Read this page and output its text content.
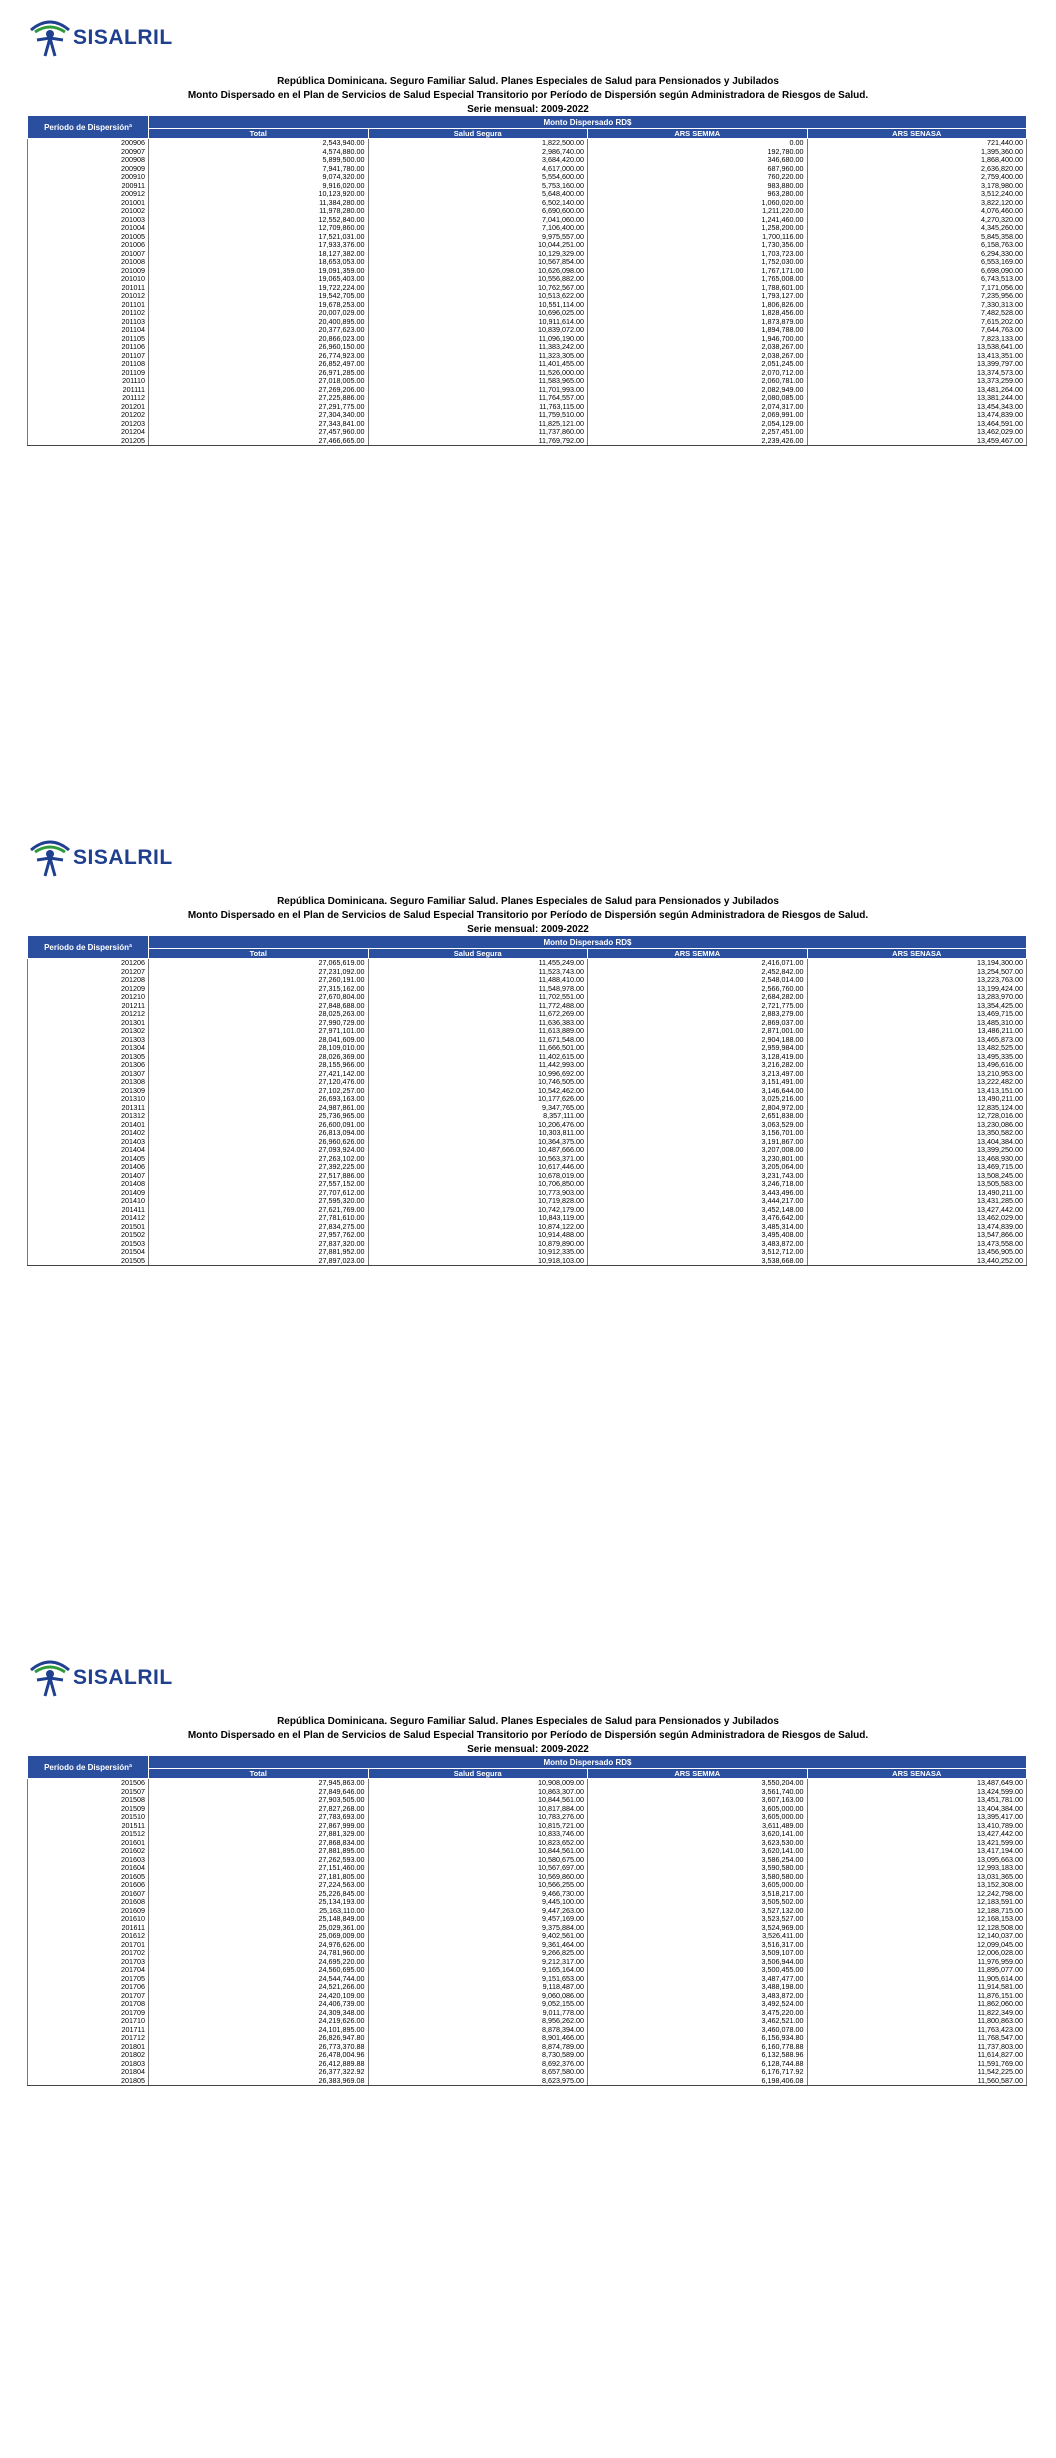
SISALRIL
República Dominicana. Seguro Familiar Salud. Planes Especiales de Salud para Pensionados y Jubilados
Monto Dispersado en el Plan de Servicios de Salud Especial Transitorio por Período de Dispersión según Administradora de Riesgos de Salud.
Serie mensual: 2009-2022
Período de Dispersiónª	Monto Dispersado RD$			
	Total	Salud Segura	ARS SEMMA	ARS SENASA
200906	2,543,940.00	1,822,500.00	0.00	721,440.00
200907	4,574,880.00	2,986,740.00	192,780.00	1,395,360.00
200908	5,899,500.00	3,684,420.00	346,680.00	1,868,400.00
200909	7,941,780.00	4,617,000.00	687,960.00	2,636,820.00
200910	9,074,320.00	5,554,600.00	760,220.00	2,759,400.00
200911	9,916,020.00	5,753,160.00	983,880.00	3,178,980.00
200912	10,123,920.00	5,648,400.00	963,280.00	3,512,240.00
201001	11,384,280.00	6,502,140.00	1,060,020.00	3,822,120.00
201002	11,978,280.00	6,690,600.00	1,211,220.00	4,076,460.00
201003	12,552,840.00	7,041,060.00	1,241,460.00	4,270,320.00
201004	12,709,860.00	7,106,400.00	1,258,200.00	4,345,260.00
201005	17,521,031.00	9,975,557.00	1,700,116.00	5,845,358.00
201006	17,933,376.00	10,044,251.00	1,730,356.00	6,158,763.00
201007	18,127,382.00	10,129,329.00	1,703,723.00	6,294,330.00
201008	18,653,053.00	10,567,854.00	1,752,030.00	6,553,169.00
201009	19,091,359.00	10,626,098.00	1,767,171.00	6,698,090.00
201010	19,065,403.00	10,556,882.00	1,765,008.00	6,743,513.00
201011	19,722,224.00	10,762,567.00	1,788,601.00	7,171,056.00
201012	19,542,705.00	10,513,622.00	1,793,127.00	7,235,956.00
201101	19,678,253.00	10,551,114.00	1,806,826.00	7,330,313.00
201102	20,007,029.00	10,696,025.00	1,828,456.00	7,482,528.00
201103	20,400,895.00	10,911,614.00	1,873,879.00	7,615,202.00
201104	20,377,623.00	10,839,072.00	1,894,788.00	7,644,763.00
201105	20,866,023.00	11,096,190.00	1,946,700.00	7,823,133.00
201106	26,960,150.00	11,383,242.00	2,038,267.00	13,538,641.00
201107	26,774,923.00	11,323,305.00	2,038,267.00	13,413,351.00
201108	26,852,497.00	11,401,455.00	2,051,245.00	13,399,797.00
201109	26,971,285.00	11,526,000.00	2,070,712.00	13,374,573.00
201110	27,018,005.00	11,583,965.00	2,060,781.00	13,373,259.00
201111	27,269,206.00	11,701,993.00	2,082,949.00	13,481,264.00
201112	27,225,886.00	11,764,557.00	2,080,085.00	13,381,244.00
201201	27,291,775.00	11,763,115.00	2,074,317.00	13,454,343.00
201202	27,304,340.00	11,759,510.00	2,069,991.00	13,474,839.00
201203	27,343,841.00	11,825,121.00	2,054,129.00	13,464,591.00
201204	27,457,960.00	11,737,860.00	2,257,451.00	13,462,029.00
201205	27,466,665.00	11,769,792.00	2,239,426.00	13,459,467.00
SISALRIL
República Dominicana. Seguro Familiar Salud. Planes Especiales de Salud para Pensionados y Jubilados
Monto Dispersado en el Plan de Servicios de Salud Especial Transitorio por Período de Dispersión según Administradora de Riesgos de Salud.
Serie mensual: 2009-2022
Período de Dispersiónª	Monto Dispersado RD$			
	Total	Salud Segura	ARS SEMMA	ARS SENASA
201206	27,065,619.00	11,455,249.00	2,416,071.00	13,194,300.00
201207	27,231,092.00	11,523,743.00	2,452,842.00	13,254,507.00
201208	27,260,191.00	11,488,410.00	2,548,014.00	13,223,763.00
201209	27,315,162.00	11,548,978.00	2,566,760.00	13,199,424.00
201210	27,670,804.00	11,702,551.00	2,684,282.00	13,283,970.00
201211	27,848,688.00	11,772,488.00	2,721,775.00	13,354,425.00
201212	28,025,263.00	11,672,269.00	2,883,279.00	13,469,715.00
201301	27,990,729.00	11,636,383.00	2,869,037.00	13,485,310.00
201302	27,971,101.00	11,613,889.00	2,871,001.00	13,486,211.00
201303	28,041,609.00	11,671,548.00	2,904,188.00	13,465,873.00
201304	28,109,010.00	11,666,501.00	2,959,984.00	13,482,525.00
201305	28,026,369.00	11,402,615.00	3,128,419.00	13,495,335.00
201306	28,155,966.00	11,442,993.00	3,216,282.00	13,496,616.00
201307	27,421,142.00	10,996,692.00	3,213,497.00	13,210,953.00
201308	27,120,476.00	10,746,505.00	3,151,491.00	13,222,482.00
201309	27,102,257.00	10,542,462.00	3,146,644.00	13,413,151.00
201310	26,693,163.00	10,177,626.00	3,025,216.00	13,490,211.00
201311	24,987,861.00	9,347,765.00	2,804,972.00	12,835,124.00
201312	25,736,965.00	8,357,111.00	2,651,838.00	12,728,016.00
201401	26,600,091.00	10,206,476.00	3,063,529.00	13,230,086.00
201402	26,813,094.00	10,303,811.00	3,156,701.00	13,350,582.00
201403	26,960,626.00	10,364,375.00	3,191,867.00	13,404,384.00
201404	27,093,924.00	10,487,666.00	3,207,008.00	13,399,250.00
201405	27,263,102.00	10,563,371.00	3,230,801.00	13,468,930.00
201406	27,392,225.00	10,617,446.00	3,205,064.00	13,469,715.00
201407	27,517,886.00	10,678,019.00	3,231,743.00	13,508,245.00
201408	27,557,152.00	10,706,850.00	3,246,718.00	13,505,583.00
201409	27,707,612.00	10,773,903.00	3,443,496.00	13,490,211.00
201410	27,595,320.00	10,719,828.00	3,444,217.00	13,431,285.00
201411	27,621,769.00	10,742,179.00	3,452,148.00	13,427,442.00
201412	27,781,610.00	10,843,119.00	3,476,642.00	13,462,029.00
201501	27,834,275.00	10,874,122.00	3,485,314.00	13,474,839.00
201502	27,957,762.00	10,914,488.00	3,495,408.00	13,547,866.00
201503	27,837,320.00	10,879,890.00	3,483,872.00	13,473,558.00
201504	27,881,952.00	10,912,335.00	3,512,712.00	13,456,905.00
201505	27,897,023.00	10,918,103.00	3,538,668.00	13,440,252.00
SISALRIL
República Dominicana. Seguro Familiar Salud. Planes Especiales de Salud para Pensionados y Jubilados
Monto Dispersado en el Plan de Servicios de Salud Especial Transitorio por Período de Dispersión según Administradora de Riesgos de Salud.
Serie mensual: 2009-2022
Período de Dispersiónª	Monto Dispersado RD$			
	Total	Salud Segura	ARS SEMMA	ARS SENASA
201506	27,945,863.00	10,908,009.00	3,550,204.00	13,487,649.00
201507	27,849,646.00	10,863,307.00	3,561,740.00	13,424,599.00
201508	27,903,505.00	10,844,561.00	3,607,163.00	13,451,781.00
201509	27,827,268.00	10,817,884.00	3,605,000.00	13,404,384.00
201510	27,783,693.00	10,783,276.00	3,605,000.00	13,395,417.00
201511	27,867,999.00	10,815,721.00	3,611,489.00	13,410,789.00
201512	27,881,329.00	10,833,746.00	3,620,141.00	13,427,442.00
201601	27,868,834.00	10,823,652.00	3,623,530.00	13,421,599.00
201602	27,881,895.00	10,844,561.00	3,620,141.00	13,417,194.00
201603	27,262,593.00	10,580,675.00	3,586,254.00	13,095,663.00
201604	27,151,460.00	10,567,697.00	3,590,580.00	12,993,183.00
201605	27,181,805.00	10,569,860.00	3,580,580.00	13,031,365.00
201606	27,224,563.00	10,566,255.00	3,605,000.00	13,152,308.00
201607	25,226,845.00	9,466,730.00	3,518,217.00	12,242,798.00
201608	25,134,193.00	9,445,100.00	3,505,502.00	12,183,591.00
201609	25,163,110.00	9,447,263.00	3,527,132.00	12,188,715.00
201610	25,148,849.00	9,457,169.00	3,523,527.00	12,168,153.00
201611	25,029,361.00	9,375,884.00	3,524,969.00	12,128,508.00
201612	25,069,009.00	9,402,561.00	3,526,411.00	12,140,037.00
201701	24,976,626.00	9,361,464.00	3,516,317.00	12,099,045.00
201702	24,781,960.00	9,266,825.00	3,509,107.00	12,006,028.00
201703	24,695,220.00	9,212,317.00	3,506,944.00	11,976,959.00
201704	24,560,695.00	9,165,164.00	3,500,455.00	11,895,077.00
201705	24,544,744.00	9,151,653.00	3,487,477.00	11,905,614.00
201706	24,521,266.00	9,118,487.00	3,488,198.00	11,914,581.00
201707	24,420,109.00	9,060,086.00	3,483,872.00	11,876,151.00
201708	24,406,739.00	9,052,155.00	3,492,524.00	11,862,060.00
201709	24,309,348.00	9,011,778.00	3,475,220.00	11,822,349.00
201710	24,219,626.00	8,956,262.00	3,462,521.00	11,800,863.00
201711	24,101,895.00	8,878,394.00	3,460,078.00	11,763,423.00
201712	26,826,947.80	8,901,466.00	6,156,934.80	11,768,547.00
201801	26,773,370.88	8,874,789.00	6,160,778.88	11,737,803.00
201802	26,478,004.96	8,730,589.00	6,132,588.96	11,614,827.00
201803	26,412,889.88	8,692,376.00	6,128,744.88	11,591,769.00
201804	26,377,322.92	8,657,580.00	6,176,717.92	11,542,225.00
201805	26,383,969.08	8,623,975.00	6,198,406.08	11,560,587.00
